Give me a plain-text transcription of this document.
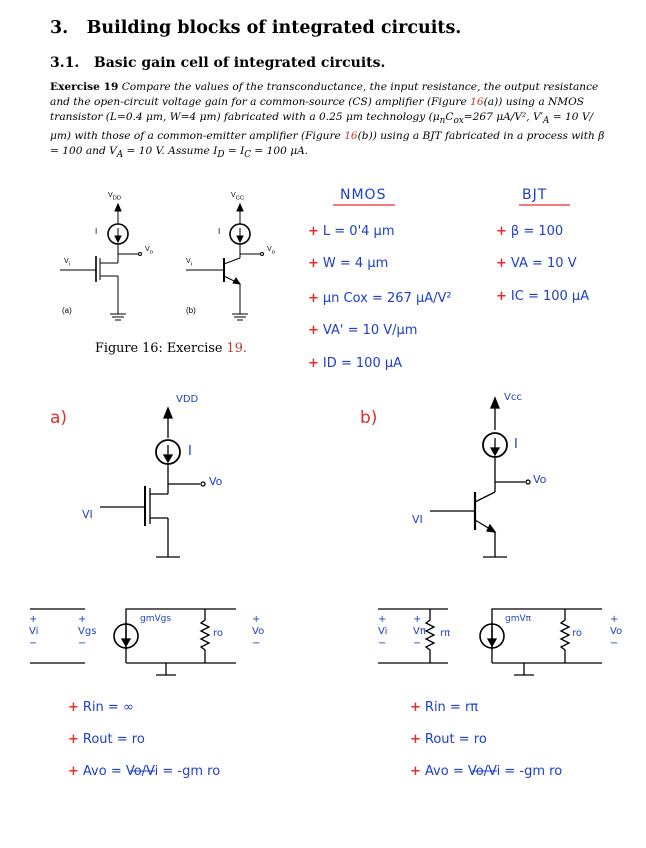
3. Building blocks of integrated circuits.
3.1. Basic gain cell of integrated circuits.
Exercise 19 Compare the values of the transconductance, the input resistance, the output resistance and the open-circuit voltage gain for a common-source (CS) amplifier (Figure 16(a)) using a NMOS transistor (L=0.4 μm, W=4 μm) fabricated with a 0.25 μm technology ($\mu_nC_{ox}=267$ μA/V², $V'_A = 10$ V/μm) with those of a common-emitter amplifier (Figure 16(b)) using a BJT fabricated in a process with β = 100 and $V_A = 10$ V. Assume $I_D = I_C = 100$ μA.
$V_{DD}$	$V_{CC}$
I	I
$V_o$	$V_o$
$V_i$	$V_i$
(a)	(b)
Figure 16: Exercise 19.
NMOS	BJT
+ L = 0'4 μm
+ W = 4 μm
+ μn Cox = 267 μA/V²
+ VA' = 10 V/μm
+ ID = 100 μA
+ β = 100
+ VA = 10 V
+ IC = 100 μA
a)	b)
VDD
I
Vo
VI
Vcc
I
Vo
VI
+
Vi
−
+
Vgs
−
gmVgs
ro
+
Vo
−
+
Vi
−
+
Vπ
−
rπ
gmVπ
ro
+
Vo
−
+ Rin = ∞
+ Rout = ro
+ Avo = Vo/Vi = -gm ro
+ Rin = rπ
+ Rout = ro
+ Avo = Vo/Vi = -gm ro
